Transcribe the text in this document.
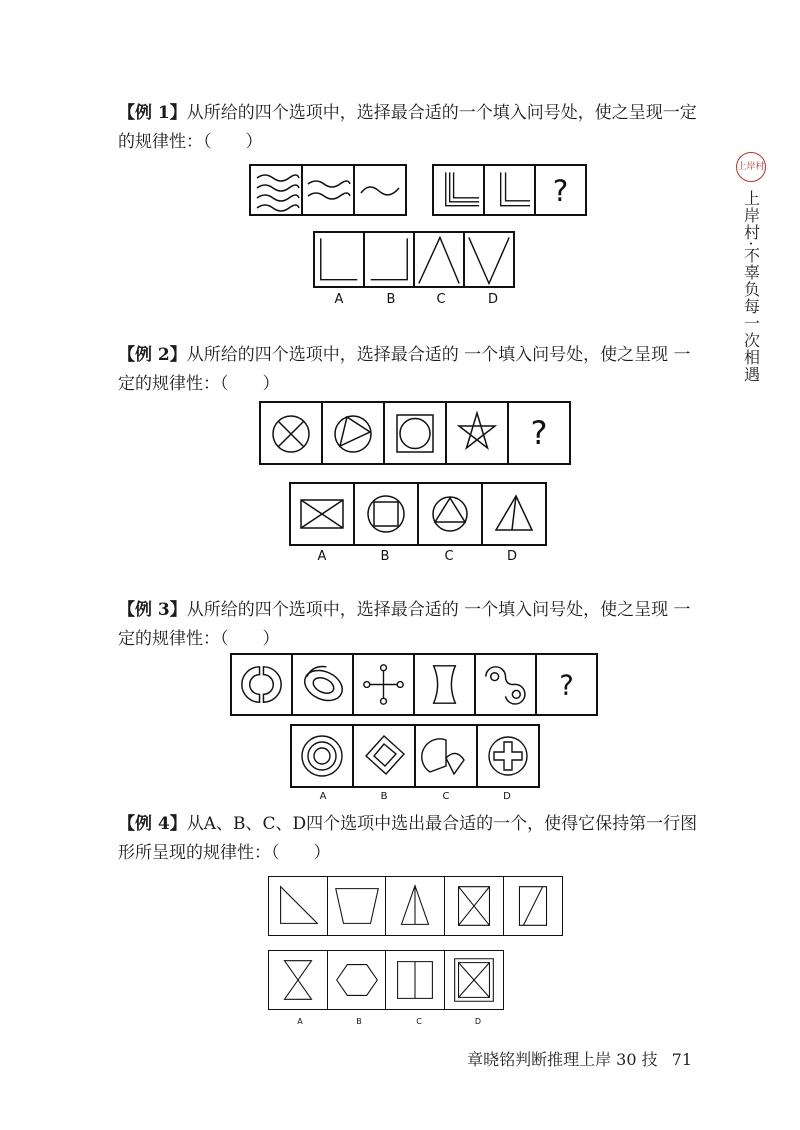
【例 1】从所给的四个选项中，选择最合适的一个填入问号处，使之呈现一定的规律性：（　　）
?
A	B	C	D
【例 2】从所给的四个选项中，选择最合适的 一个填入问号处，使之呈现 一定的规律性：（　　）
?
A	B	C	D
【例 3】从所给的四个选项中，选择最合适的 一个填入问号处，使之呈现 一定的规律性：（　　）
?
A	B	C	D
【例 4】从A、B、C、D四个选项中选出最合适的一个，使得它保持第一行图形所呈现的规律性：（　　）
A	B	C	D
上岸村
上岸村·不辜负每一次相遇
章晓铭判断推理上岸 30 技 71
